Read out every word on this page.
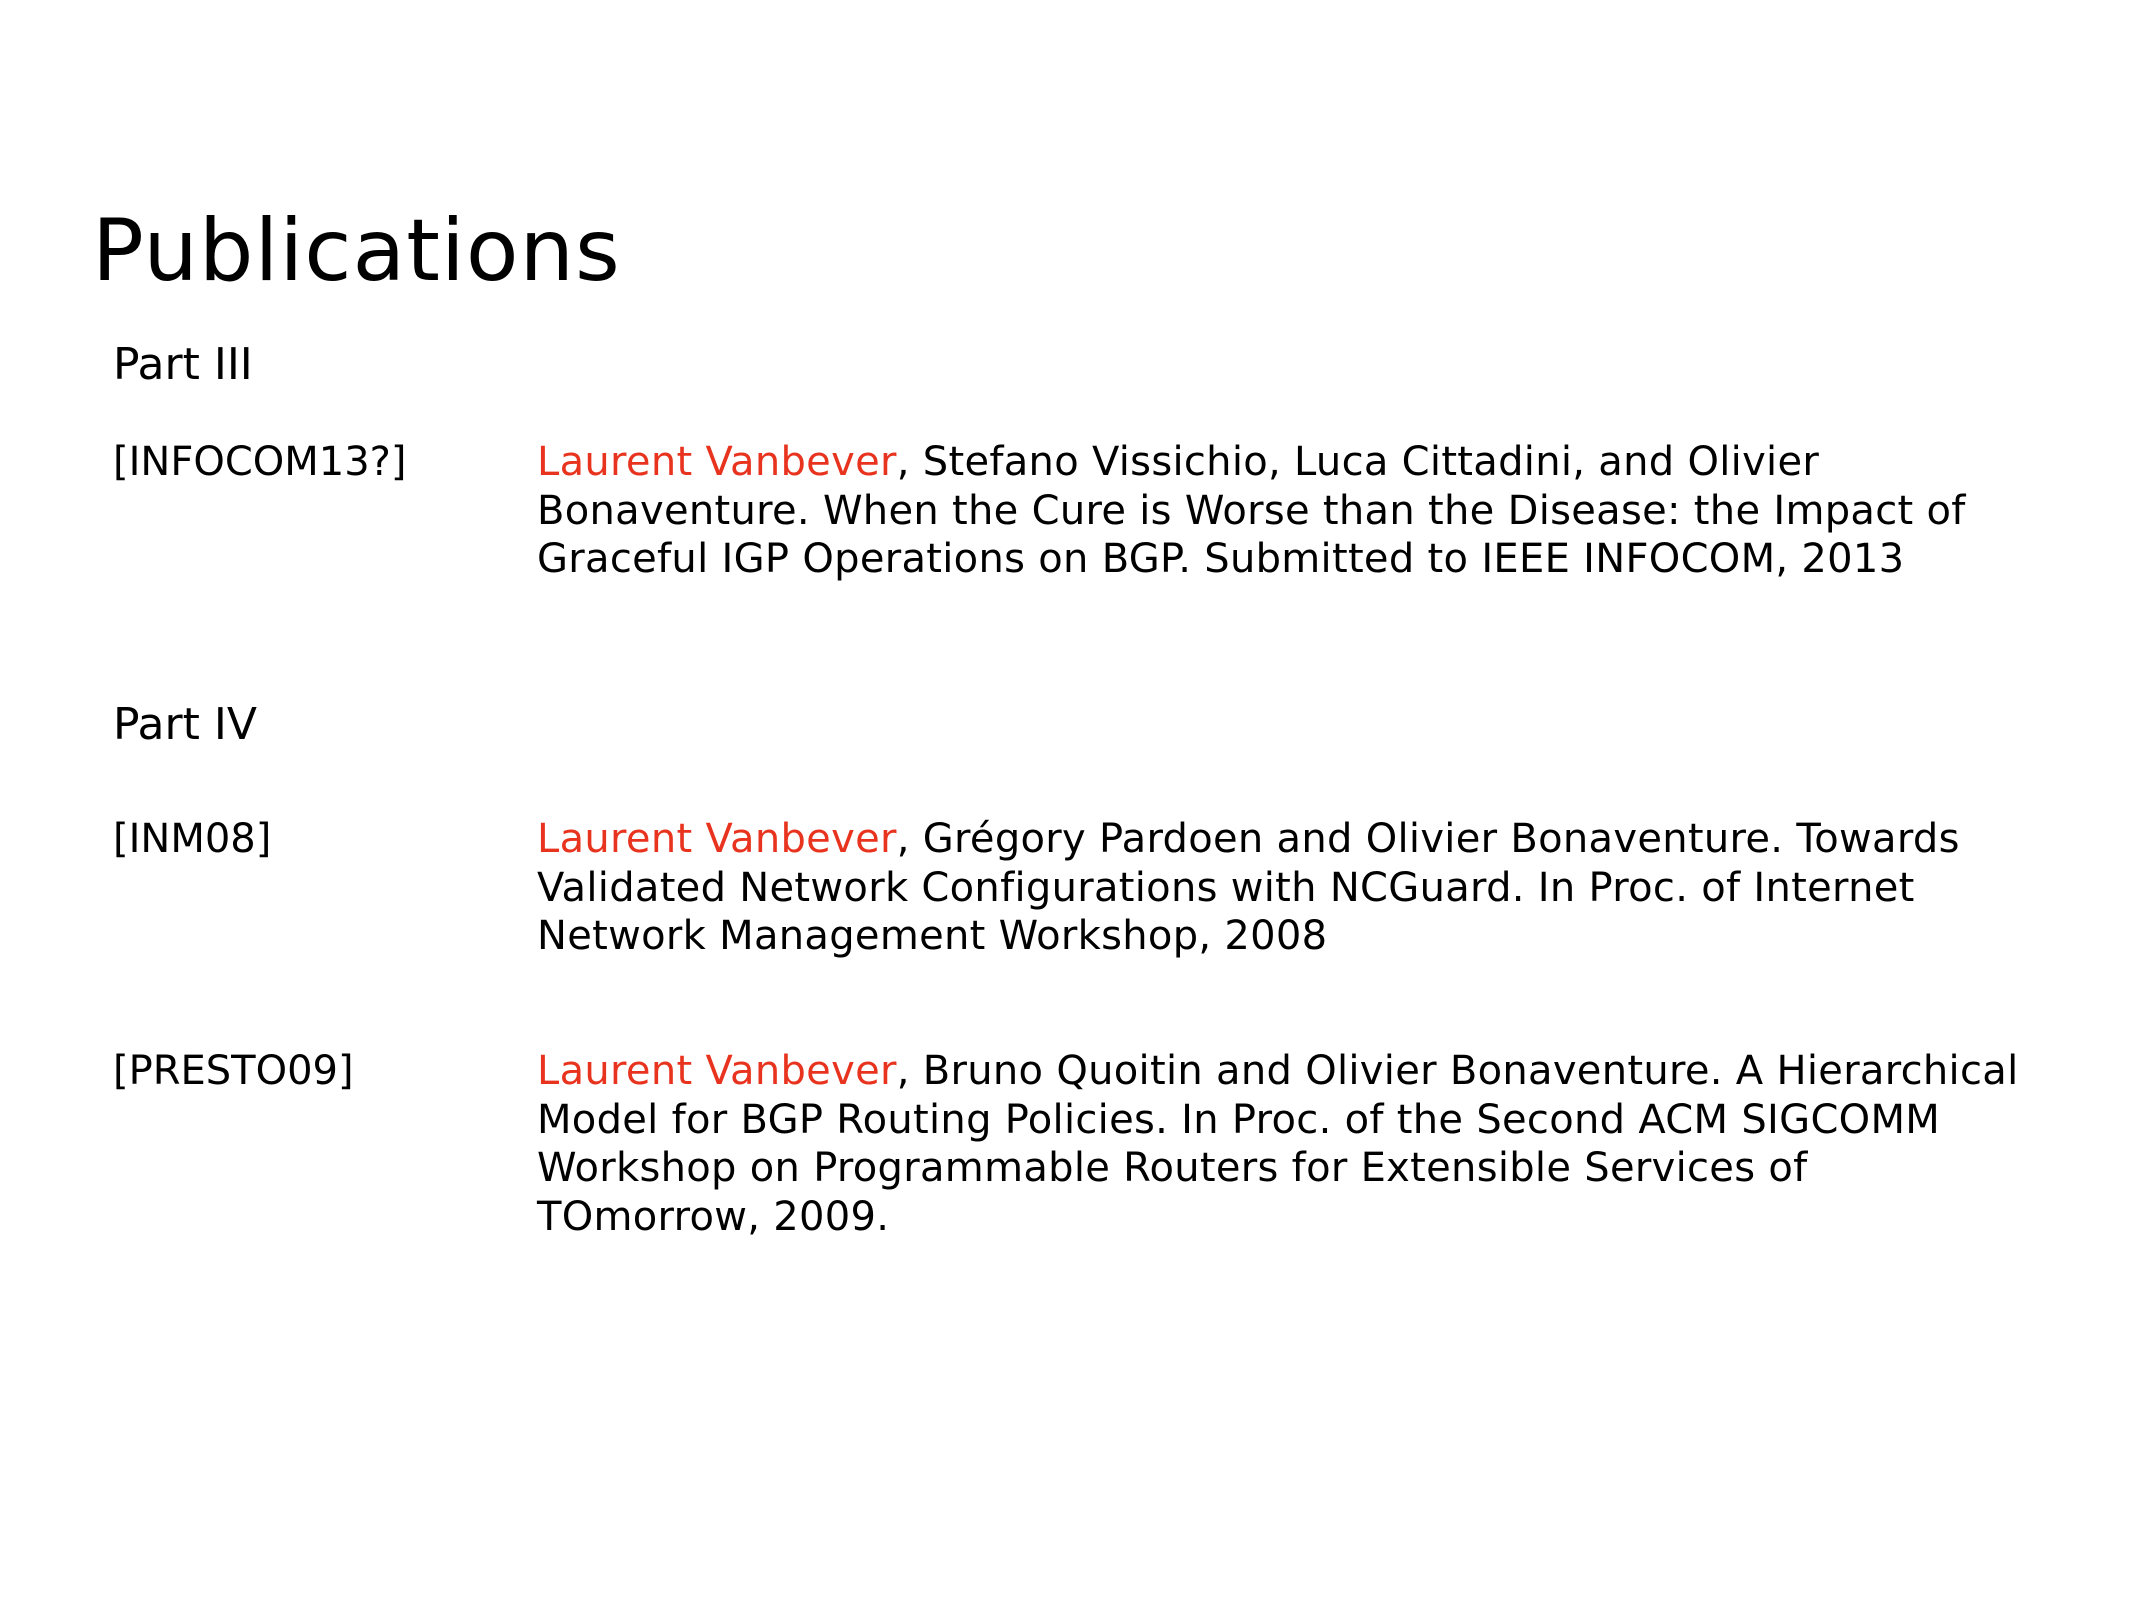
Publications
Part III
[INFOCOM13?]	Laurent Vanbever, Stefano Vissichio, Luca Cittadini, and Olivier
Bonaventure. When the Cure is Worse than the Disease: the Impact of
Graceful IGP Operations on BGP. Submitted to IEEE INFOCOM, 2013
Part IV
[INM08]	Laurent Vanbever, Grégory Pardoen and Olivier Bonaventure. Towards
Validated Network Configurations with NCGuard. In Proc. of Internet
Network Management Workshop, 2008
[PRESTO09]	Laurent Vanbever, Bruno Quoitin and Olivier Bonaventure. A Hierarchical
Model for BGP Routing Policies. In Proc. of the Second ACM SIGCOMM
Workshop on Programmable Routers for Extensible Services of
TOmorrow, 2009.
